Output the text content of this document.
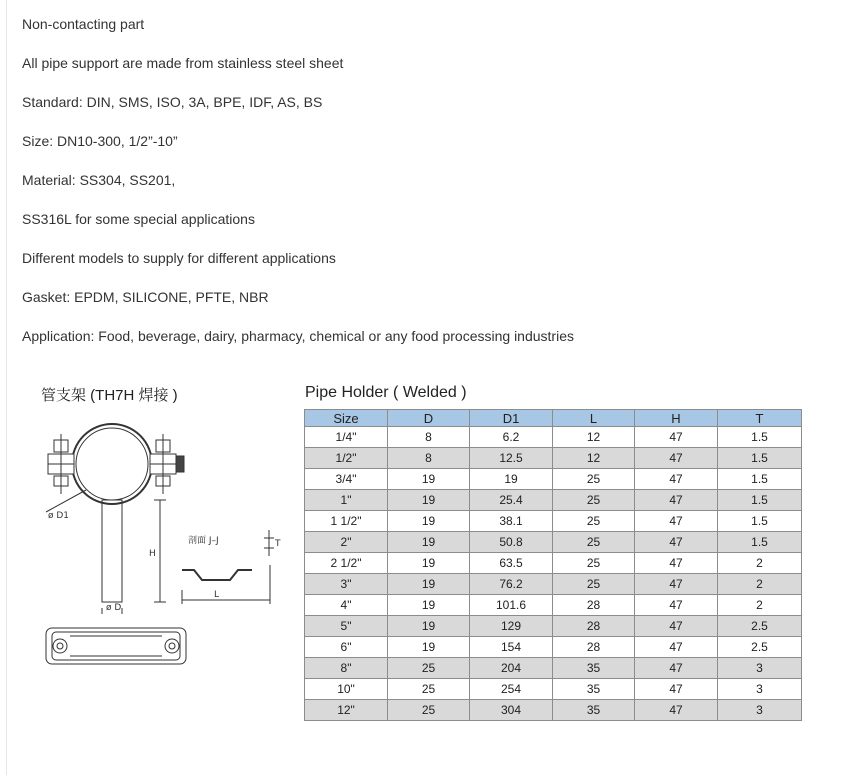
Non-contacting part
All pipe support are made from stainless steel sheet
Standard: DIN, SMS, ISO, 3A, BPE, IDF, AS, BS
Size: DN10-300, 1/2”-10”
Material: SS304, SS201,
SS316L for some special applications
Different models to supply for different applications
Gasket: EPDM, SILICONE, PFTE, NBR
Application: Food, beverage, dairy, pharmacy, chemical or any food processing industries
管支架 (TH7H 焊接 )
ø D1
H
ø D
剖面 J–J
L
T
Pipe Holder ( Welded )
Size	D	D1	L	H	T
1/4"	8	6.2	12	47	1.5
1/2"	8	12.5	12	47	1.5
3/4"	19	19	25	47	1.5
1"	19	25.4	25	47	1.5
1 1/2"	19	38.1	25	47	1.5
2"	19	50.8	25	47	1.5
2 1/2"	19	63.5	25	47	2
3"	19	76.2	25	47	2
4"	19	101.6	28	47	2
5"	19	129	28	47	2.5
6"	19	154	28	47	2.5
8"	25	204	35	47	3
10"	25	254	35	47	3
12"	25	304	35	47	3
